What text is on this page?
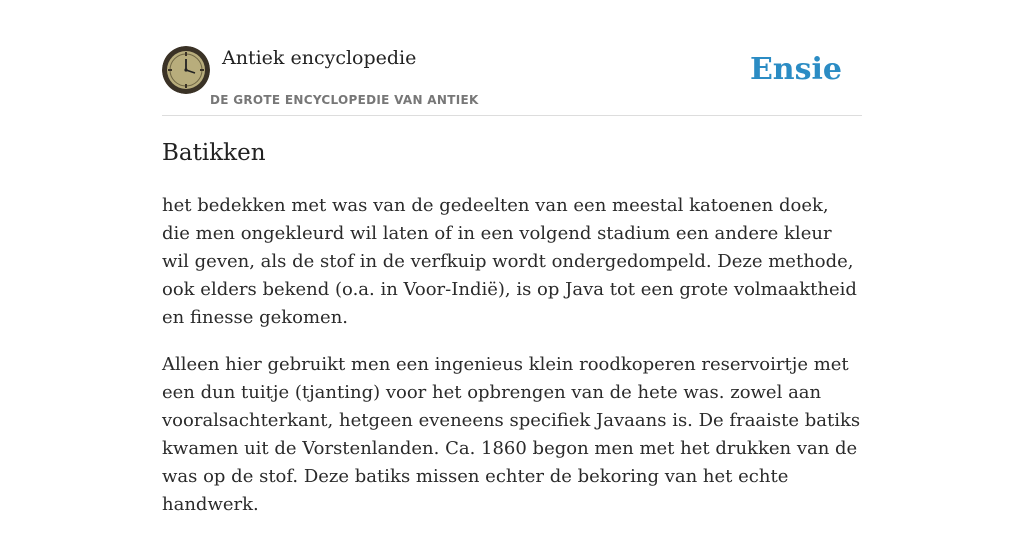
Antiek encyclopedie
DE GROTE ENCYCLOPEDIE VAN ANTIEK
Ensie
Batikken

het bedekken met was van de gedeelten van een meestal katoenen doek, die men ongekleurd wil laten of in een volgend stadium een andere kleur wil geven, als de stof in de verfkuip wordt ondergedompeld. Deze methode, ook elders bekend (o.a. in Voor-Indië), is op Java tot een grote volmaaktheid en finesse gekomen.

Alleen hier gebruikt men een ingenieus klein roodkoperen reservoirtje met een dun tuitje (tjanting) voor het opbrengen van de hete was. zowel aan vooralsachterkant, hetgeen eveneens specifiek Javaans is. De fraaiste batiks kwamen uit de Vorstenlanden. Ca. 1860 begon men met het drukken van de was op de stof. Deze batiks missen echter de bekoring van het echte handwerk.
